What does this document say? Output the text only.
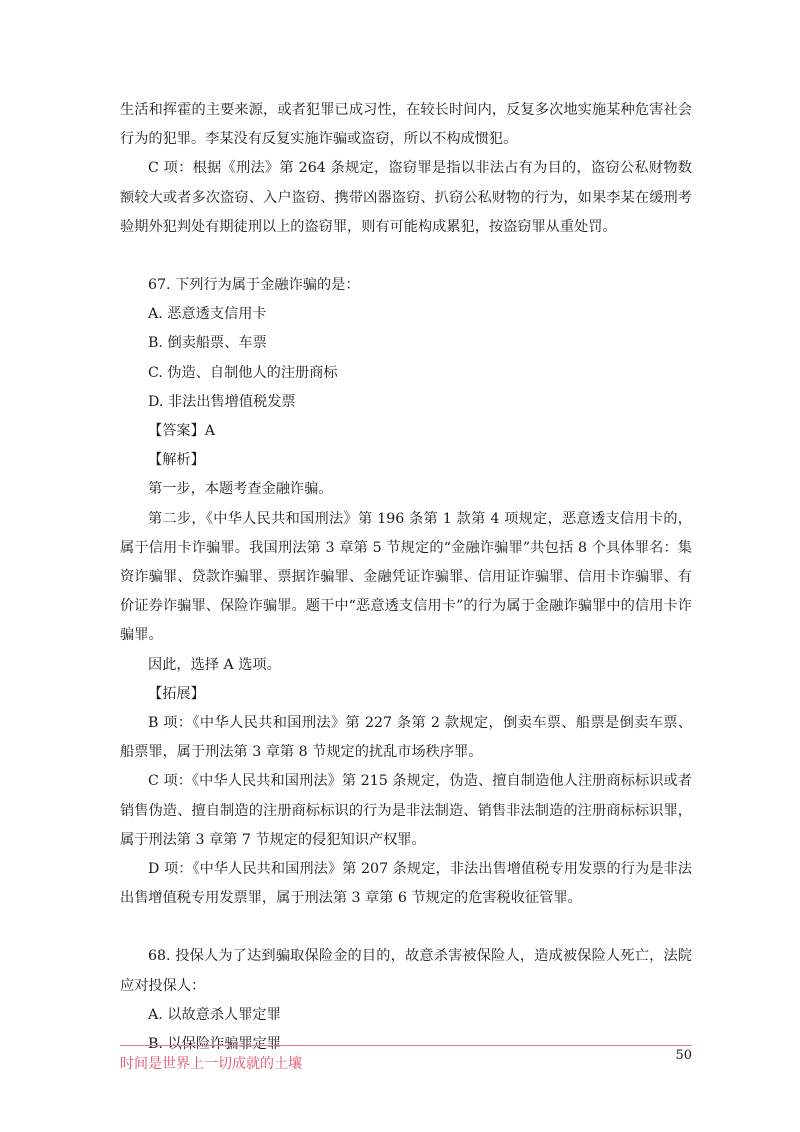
生活和挥霍的主要来源，或者犯罪已成习性，在较长时间内，反复多次地实施某种危害社会行为的犯罪。李某没有反复实施诈骗或盗窃，所以不构成惯犯。

C 项：根据《刑法》第 264 条规定，盗窃罪是指以非法占有为目的，盗窃公私财物数额较大或者多次盗窃、入户盗窃、携带凶器盗窃、扒窃公私财物的行为，如果李某在缓刑考验期外犯判处有期徒刑以上的盗窃罪，则有可能构成累犯，按盗窃罪从重处罚。

67. 下列行为属于金融诈骗的是：

A. 恶意透支信用卡

B. 倒卖船票、车票

C. 伪造、自制他人的注册商标

D. 非法出售增值税发票

【答案】A

【解析】

第一步，本题考查金融诈骗。

第二步，《中华人民共和国刑法》第 196 条第 1 款第 4 项规定，恶意透支信用卡的，属于信用卡诈骗罪。我国刑法第 3 章第 5 节规定的“金融诈骗罪”共包括 8 个具体罪名：集资诈骗罪、贷款诈骗罪、票据诈骗罪、金融凭证诈骗罪、信用证诈骗罪、信用卡诈骗罪、有价证券诈骗罪、保险诈骗罪。题干中“恶意透支信用卡”的行为属于金融诈骗罪中的信用卡诈骗罪。

因此，选择 A 选项。

【拓展】

B 项：《中华人民共和国刑法》第 227 条第 2 款规定，倒卖车票、船票是倒卖车票、船票罪，属于刑法第 3 章第 8 节规定的扰乱市场秩序罪。

C 项：《中华人民共和国刑法》第 215 条规定，伪造、擅自制造他人注册商标标识或者销售伪造、擅自制造的注册商标标识的行为是非法制造、销售非法制造的注册商标标识罪，属于刑法第 3 章第 7 节规定的侵犯知识产权罪。

D 项：《中华人民共和国刑法》第 207 条规定，非法出售增值税专用发票的行为是非法出售增值税专用发票罪，属于刑法第 3 章第 6 节规定的危害税收征管罪。

68. 投保人为了达到骗取保险金的目的，故意杀害被保险人，造成被保险人死亡，法院应对投保人：

A. 以故意杀人罪定罪

B. 以保险诈骗罪定罪

时间是世界上一切成就的土壤
50
